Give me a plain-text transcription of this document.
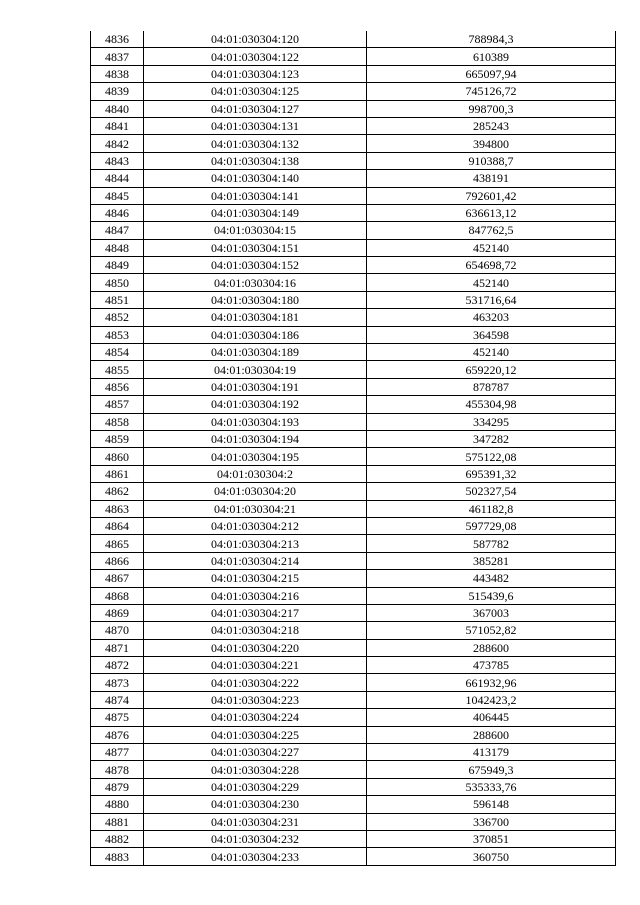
4836	04:01:030304:120	788984,3
4837	04:01:030304:122	610389
4838	04:01:030304:123	665097,94
4839	04:01:030304:125	745126,72
4840	04:01:030304:127	998700,3
4841	04:01:030304:131	285243
4842	04:01:030304:132	394800
4843	04:01:030304:138	910388,7
4844	04:01:030304:140	438191
4845	04:01:030304:141	792601,42
4846	04:01:030304:149	636613,12
4847	04:01:030304:15	847762,5
4848	04:01:030304:151	452140
4849	04:01:030304:152	654698,72
4850	04:01:030304:16	452140
4851	04:01:030304:180	531716,64
4852	04:01:030304:181	463203
4853	04:01:030304:186	364598
4854	04:01:030304:189	452140
4855	04:01:030304:19	659220,12
4856	04:01:030304:191	878787
4857	04:01:030304:192	455304,98
4858	04:01:030304:193	334295
4859	04:01:030304:194	347282
4860	04:01:030304:195	575122,08
4861	04:01:030304:2	695391,32
4862	04:01:030304:20	502327,54
4863	04:01:030304:21	461182,8
4864	04:01:030304:212	597729,08
4865	04:01:030304:213	587782
4866	04:01:030304:214	385281
4867	04:01:030304:215	443482
4868	04:01:030304:216	515439,6
4869	04:01:030304:217	367003
4870	04:01:030304:218	571052,82
4871	04:01:030304:220	288600
4872	04:01:030304:221	473785
4873	04:01:030304:222	661932,96
4874	04:01:030304:223	1042423,2
4875	04:01:030304:224	406445
4876	04:01:030304:225	288600
4877	04:01:030304:227	413179
4878	04:01:030304:228	675949,3
4879	04:01:030304:229	535333,76
4880	04:01:030304:230	596148
4881	04:01:030304:231	336700
4882	04:01:030304:232	370851
4883	04:01:030304:233	360750
